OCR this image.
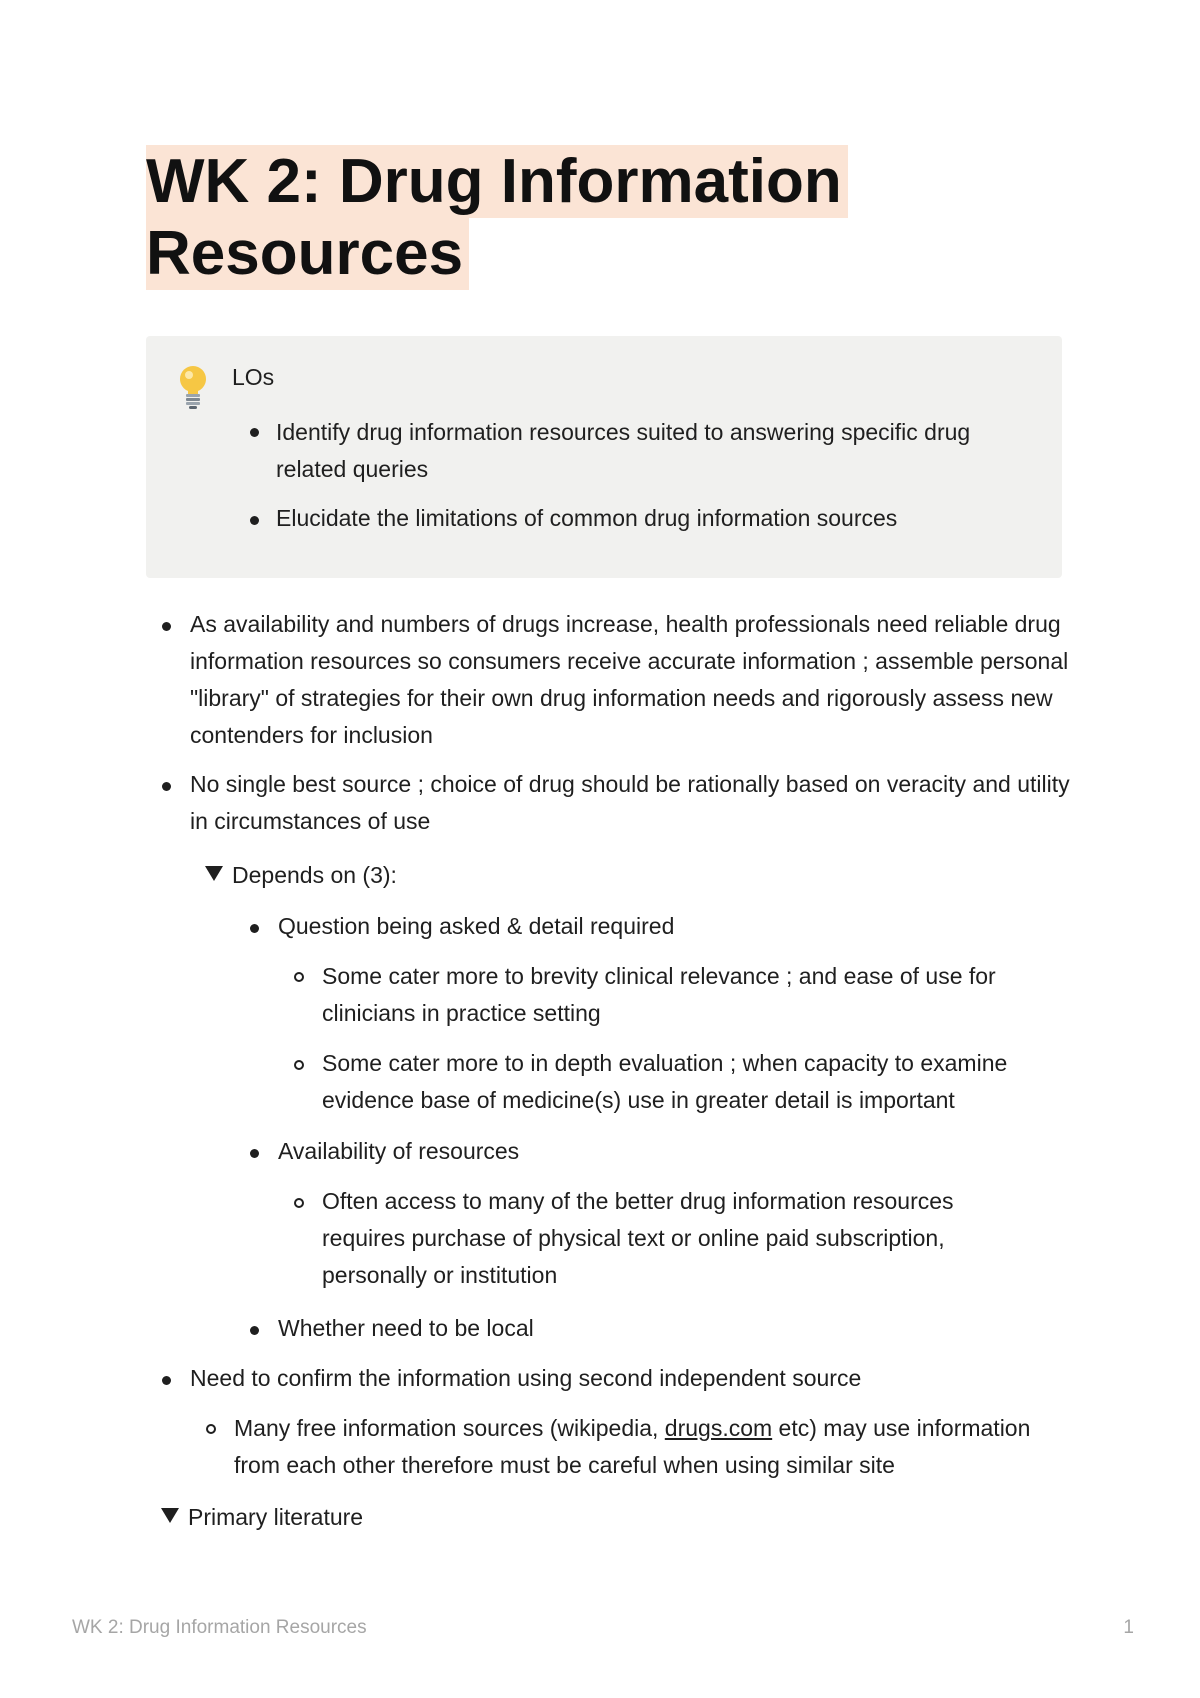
WK 2: Drug Information
Resources
LOs
Identify drug information resources suited to answering specific drug related queries
Elucidate the limitations of common drug information sources
As availability and numbers of drugs increase, health professionals need reliable drug information resources so consumers receive accurate information ; assemble personal "library" of strategies for their own drug information needs and rigorously assess new contenders for inclusion
No single best source ; choice of drug should be rationally based on veracity and utility in circumstances of use
Depends on (3):
Question being asked & detail required
Some cater more to brevity clinical relevance ; and ease of use for clinicians in practice setting
Some cater more to in depth evaluation ; when capacity to examine evidence base of medicine(s) use in greater detail is important
Availability of resources
Often access to many of the better drug information resources requires purchase of physical text or online paid subscription, personally or institution
Whether need to be local
Need to confirm the information using second independent source
Many free information sources (wikipedia, drugs.com etc) may use information from each other therefore must be careful when using similar site
Primary literature
WK 2: Drug Information Resources	1
